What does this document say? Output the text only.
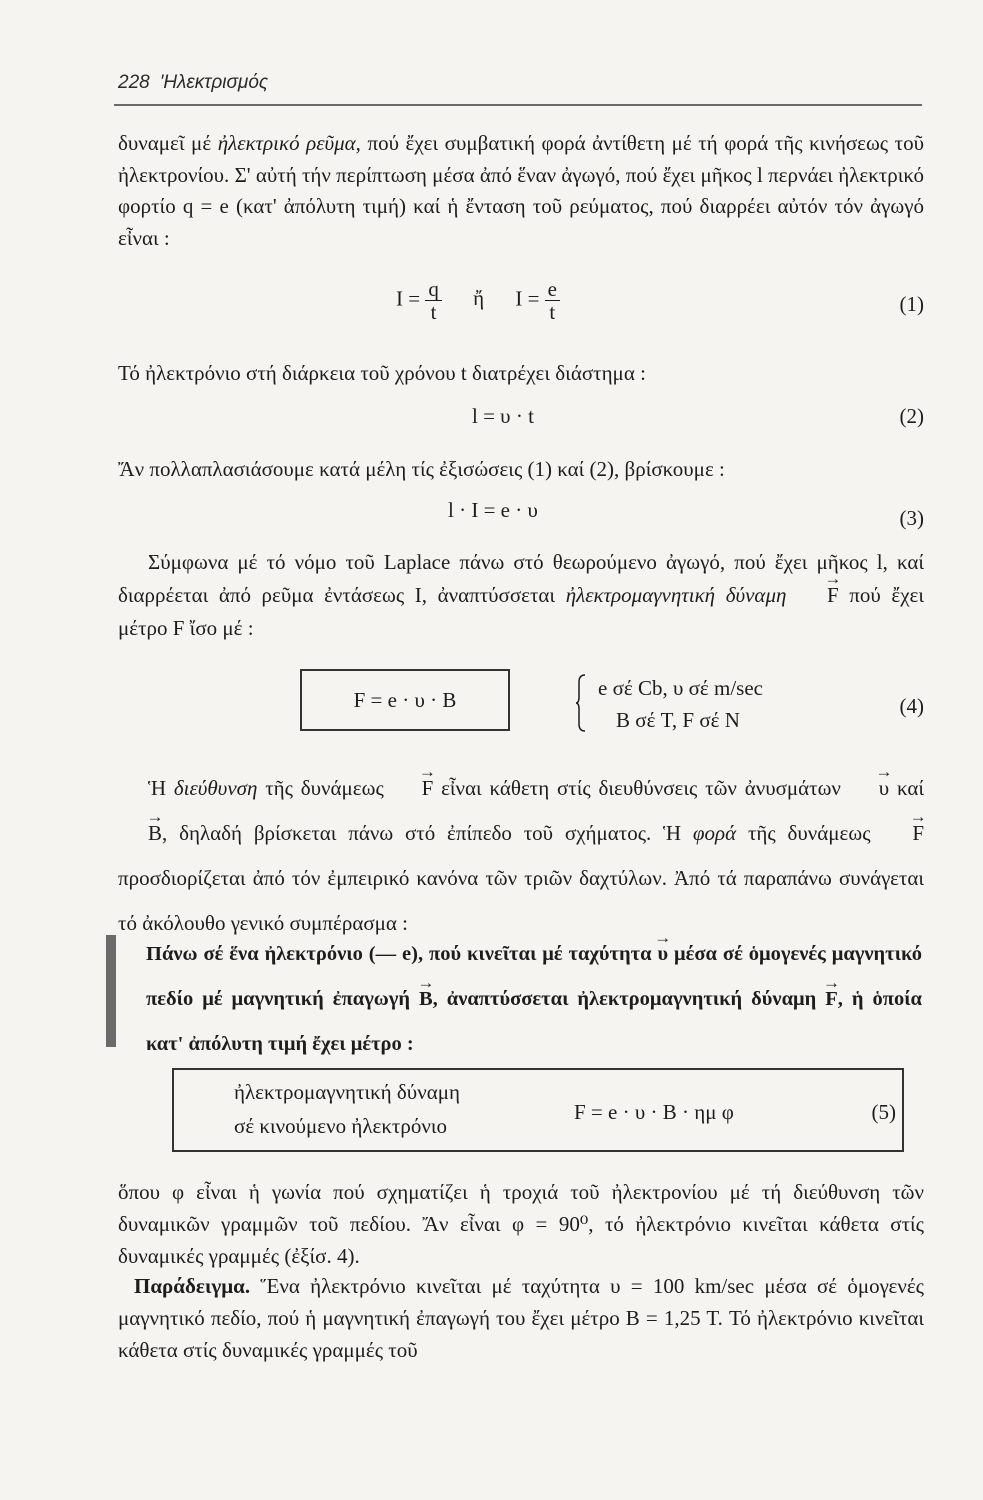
228 'Ηλεκτρισμός

δυναμεῖ μέ ἠλεκτρικό ρεῦμα, πού ἔχει συμβατική φορά ἀντίθετη μέ τή φορά τῆς κινήσεως τοῦ ἠλεκτρονίου. Σ' αὐτή τήν περίπτωση μέσα ἀπό ἕναν ἀγωγό, πού ἔχει μῆκος l περνάει ἠλεκτρικό φορτίο q = e (κατ' ἀπόλυτη τιμή) καί ἡ ἔνταση τοῦ ρεύματος, πού διαρρέει αὐτόν τόν ἀγωγό εἶναι :

$I = \frac{q}{t}$ ἤ $I = \frac{e}{t}$	(1)

Τό ἠλεκτρόνιο στή διάρκεια τοῦ χρόνου t διατρέχει διάστημα :

l = υ · t	(2)

Ἄν πολλαπλασιάσουμε κατά μέλη τίς ἐξισώσεις (1) καί (2), βρίσκουμε :

l · I = e · υ	(3)

Σύμφωνα μέ τό νόμο τοῦ Laplace πάνω στό θεωρούμενο ἀγωγό, πού ἔχει μῆκος l, καί διαρρέεται ἀπό ρεῦμα ἐντάσεως I, ἀναπτύσσεται ἠλεκτρομαγνητική δύναμη → F πού ἔχει μέτρο F ἴσο μέ :

F = e · υ · B	e σέ Cb, υ σέ m/sec
B σέ T, F σέ N
(4)

Ἡ διεύθυνση τῆς δυνάμεως → F εἶναι κάθετη στίς διευθύνσεις τῶν ἀνυσμάτων → υ καί → B, δηλαδή βρίσκεται πάνω στό ἐπίπεδο τοῦ σχήματος. Ἡ φορά τῆς δυνάμεως → F προσδιορίζεται ἀπό τόν ἐμπειρικό κανόνα τῶν τριῶν δαχτύλων. Ἀπό τά παραπάνω συνάγεται τό ἀκόλουθο γενικό συμπέρασμα :

Πάνω σέ ἕνα ἠλεκτρόνιο (— e), πού κινεῖται μέ ταχύτητα → υ μέσα σέ ὁμογενές μαγνητικό πεδίο μέ μαγνητική ἐπαγωγή → B, ἀναπτύσσεται ἠλεκτρομαγνητική δύναμη → F, ἡ ὁποία κατ' ἀπόλυτη τιμή ἔχει μέτρο :

ἠλεκτρομαγνητική δύναμη
σέ κινούμενο ἠλεκτρόνιο
F = e · υ · B · ημ φ	(5)

ὅπου φ εἶναι ἡ γωνία πού σχηματίζει ἡ τροχιά τοῦ ἠλεκτρονίου μέ τή διεύθυνση τῶν δυναμικῶν γραμμῶν τοῦ πεδίου. Ἄν εἶναι φ = 90⁰, τό ἠλεκτρόνιο κινεῖται κάθετα στίς δυναμικές γραμμές (ἐξίσ. 4).

Παράδειγμα. Ἕνα ἠλεκτρόνιο κινεῖται μέ ταχύτητα υ = 100 km/sec μέσα σέ ὁμογενές μαγνητικό πεδίο, πού ἡ μαγνητική ἐπαγωγή του ἔχει μέτρο B = 1,25 T. Τό ἠλεκτρόνιο κινεῖται κάθετα στίς δυναμικές γραμμές τοῦ
